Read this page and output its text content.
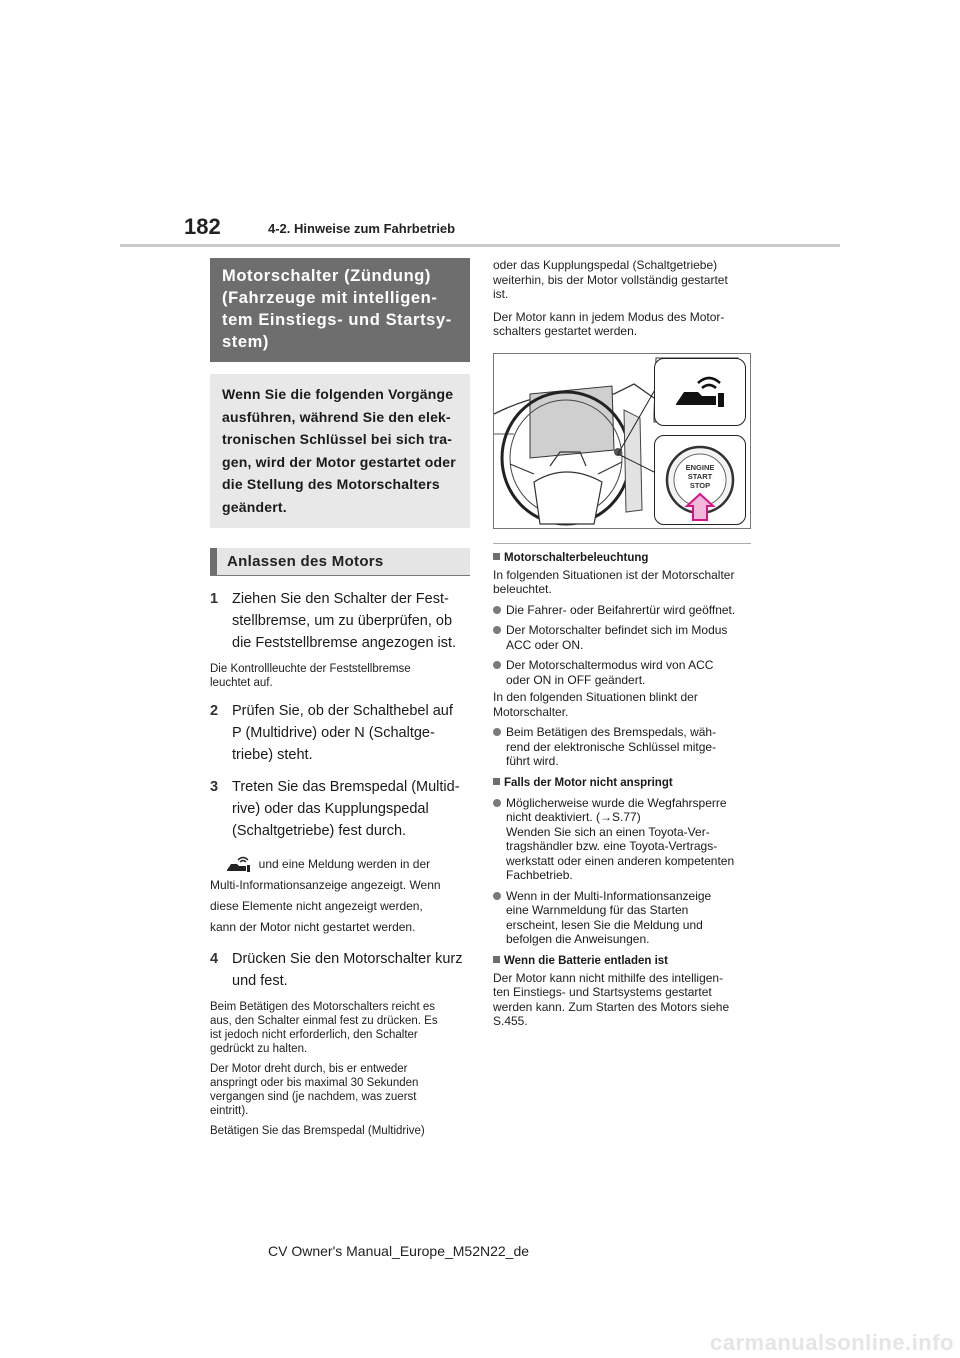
182	4-2. Hinweise zum Fahrbetrieb
Motorschalter (Zündung)
(Fahrzeuge mit intelligen-
tem Einstiegs- und Startsy-
stem)
Wenn Sie die folgenden Vorgänge
ausführen, während Sie den elek-
tronischen Schlüssel bei sich tra-
gen, wird der Motor gestartet oder
die Stellung des Motorschalters
geändert.
Anlassen des Motors
1 Ziehen Sie den Schalter der Fest-
stellbremse, um zu überprüfen, ob
die Feststellbremse angezogen ist.
Die Kontrollleuchte der Feststellbremse
leuchtet auf.
2 Prüfen Sie, ob der Schalthebel auf
P (Multidrive) oder N (Schaltge-
triebe) steht.
3 Treten Sie das Bremspedal (Multid-
rive) oder das Kupplungspedal
(Schaltgetriebe) fest durch.
und eine Meldung werden in der
Multi-Informationsanzeige angezeigt. Wenn
diese Elemente nicht angezeigt werden,
kann der Motor nicht gestartet werden.
4 Drücken Sie den Motorschalter kurz
und fest.
Beim Betätigen des Motorschalters reicht es
aus, den Schalter einmal fest zu drücken. Es
ist jedoch nicht erforderlich, den Schalter
gedrückt zu halten.
Der Motor dreht durch, bis er entweder
anspringt oder bis maximal 30 Sekunden
vergangen sind (je nachdem, was zuerst
eintritt).
Betätigen Sie das Bremspedal (Multidrive)
oder das Kupplungspedal (Schaltgetriebe)
weiterhin, bis der Motor vollständig gestartet
ist.
Der Motor kann in jedem Modus des Motor-
schalters gestartet werden.
ENGINE
START
STOP
Motorschalterbeleuchtung
In folgenden Situationen ist der Motorschalter
beleuchtet.
Die Fahrer- oder Beifahrertür wird geöffnet.
Der Motorschalter befindet sich im Modus
ACC oder ON.
Der Motorschaltermodus wird von ACC
oder ON in OFF geändert.
In den folgenden Situationen blinkt der
Motorschalter.
Beim Betätigen des Bremspedals, wäh-
rend der elektronische Schlüssel mitge-
führt wird.
Falls der Motor nicht anspringt
Möglicherweise wurde die Wegfahrsperre
nicht deaktiviert. (→S.77)
Wenden Sie sich an einen Toyota-Ver-
tragshändler bzw. eine Toyota-Vertrags-
werkstatt oder einen anderen kompetenten
Fachbetrieb.
Wenn in der Multi-Informationsanzeige
eine Warnmeldung für das Starten
erscheint, lesen Sie die Meldung und
befolgen die Anweisungen.
Wenn die Batterie entladen ist
Der Motor kann nicht mithilfe des intelligen-
ten Einstiegs- und Startsystems gestartet
werden kann. Zum Starten des Motors siehe
S.455.
CV Owner's Manual_Europe_M52N22_de
carmanualsonline.info
